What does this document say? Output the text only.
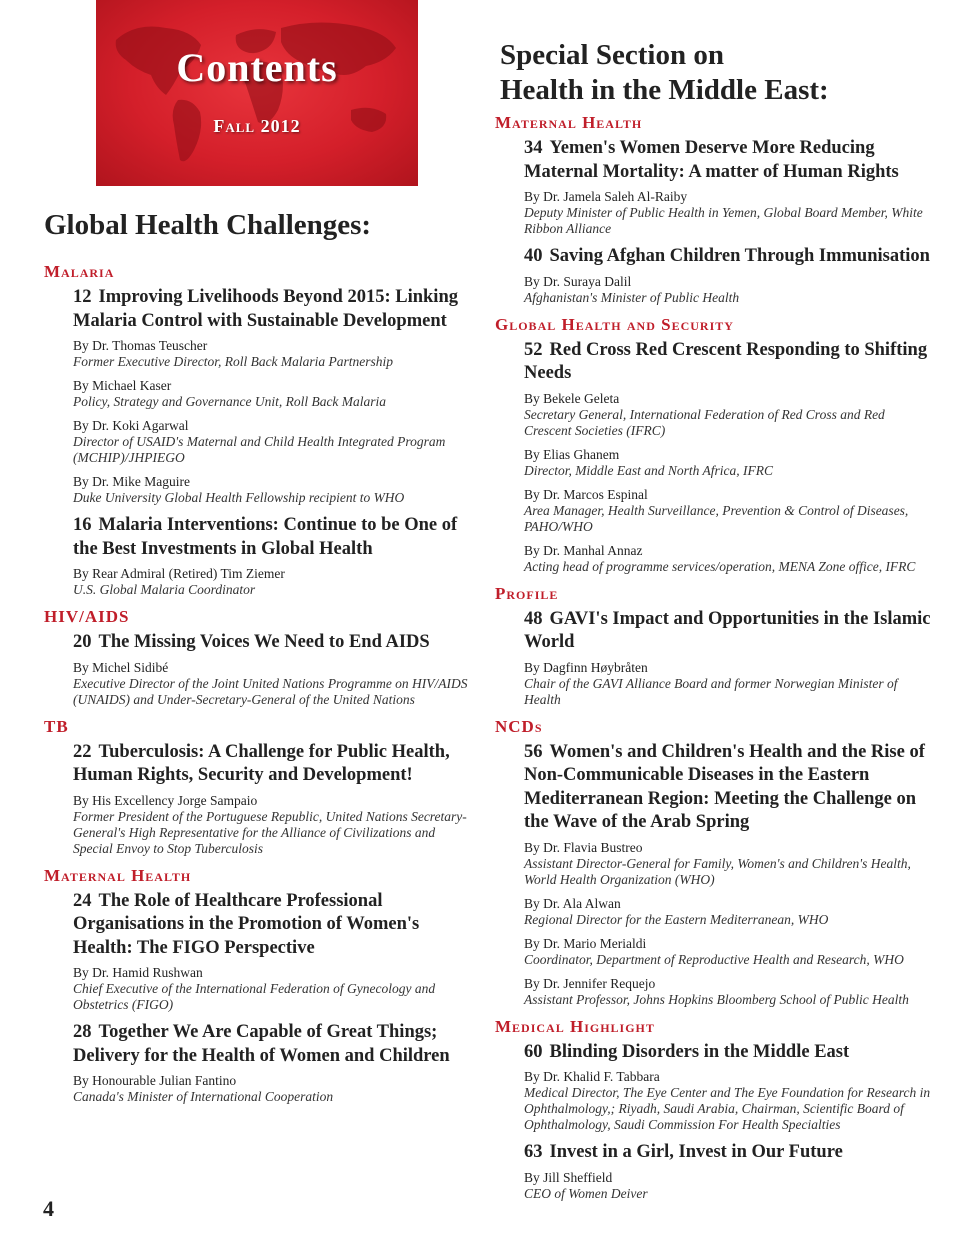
Contents
Fall 2012
Global Health Challenges:
Malaria
12 Improving Livelihoods Beyond 2015: Linking Malaria Control with Sustainable Development
By Dr. Thomas Teuscher
Former Executive Director, Roll Back Malaria Partnership
By Michael Kaser
Policy, Strategy and Governance Unit, Roll Back Malaria
By Dr. Koki Agarwal
Director of USAID's Maternal and Child Health Integrated Program (MCHIP)/JHPIEGO
By Dr. Mike Maguire
Duke University Global Health Fellowship recipient to WHO
16 Malaria Interventions: Continue to be One of the Best Investments in Global Health
By Rear Admiral (Retired) Tim Ziemer
U.S. Global Malaria Coordinator
HIV/AIDS
20 The Missing Voices We Need to End AIDS
By Michel Sidibé
Executive Director of the Joint United Nations Programme on HIV/AIDS (UNAIDS) and Under-Secretary-General of the United Nations
TB
22 Tuberculosis: A Challenge for Public Health, Human Rights, Security and Development!
By His Excellency Jorge Sampaio
Former President of the Portuguese Republic, United Nations Secretary-General's High Representative for the Alliance of Civilizations and Special Envoy to Stop Tuberculosis
Maternal Health
24 The Role of Healthcare Professional Organisations in the Promotion of Women's Health: The FIGO Perspective
By Dr. Hamid Rushwan
Chief Executive of the International Federation of Gynecology and Obstetrics (FIGO)
28 Together We Are Capable of Great Things; Delivery for the Health of Women and Children
By Honourable Julian Fantino
Canada's Minister of International Cooperation
Special Section on
Health in the Middle East:
Maternal Health
34 Yemen's Women Deserve More Reducing Maternal Mortality: A matter of Human Rights
By Dr. Jamela Saleh Al-Raiby
Deputy Minister of Public Health in Yemen, Global Board Member, White Ribbon Alliance
40 Saving Afghan Children Through Immunisation
By Dr. Suraya Dalil
Afghanistan's Minister of Public Health
Global Health and Security
52 Red Cross Red Crescent Responding to Shifting Needs
By Bekele Geleta
Secretary General, International Federation of Red Cross and Red Crescent Societies (IFRC)
By Elias Ghanem
Director, Middle East and North Africa, IFRC
By Dr. Marcos Espinal
Area Manager, Health Surveillance, Prevention & Control of Diseases, PAHO/WHO
By Dr. Manhal Annaz
Acting head of programme services/operation, MENA Zone office, IFRC
Profile
48 GAVI's Impact and Opportunities in the Islamic World
By Dagfinn Høybråten
Chair of the GAVI Alliance Board and former Norwegian Minister of Health
NCDs
56 Women's and Children's Health and the Rise of Non-Communicable Diseases in the Eastern Mediterranean Region: Meeting the Challenge on the Wave of the Arab Spring
By Dr. Flavia Bustreo
Assistant Director-General for Family, Women's and Children's Health, World Health Organization (WHO)
By Dr. Ala Alwan
Regional Director for the Eastern Mediterranean, WHO
By Dr. Mario Merialdi
Coordinator, Department of Reproductive Health and Research, WHO
By Dr. Jennifer Requejo
Assistant Professor, Johns Hopkins Bloomberg School of Public Health
Medical Highlight
60 Blinding Disorders in the Middle East
By Dr. Khalid F. Tabbara
Medical Director, The Eye Center and The Eye Foundation for Research in Ophthalmology,; Riyadh, Saudi Arabia, Chairman, Scientific Board of Ophthalmology, Saudi Commission For Health Specialties
63 Invest in a Girl, Invest in Our Future
By Jill Sheffield
CEO of Women Deiver
4
